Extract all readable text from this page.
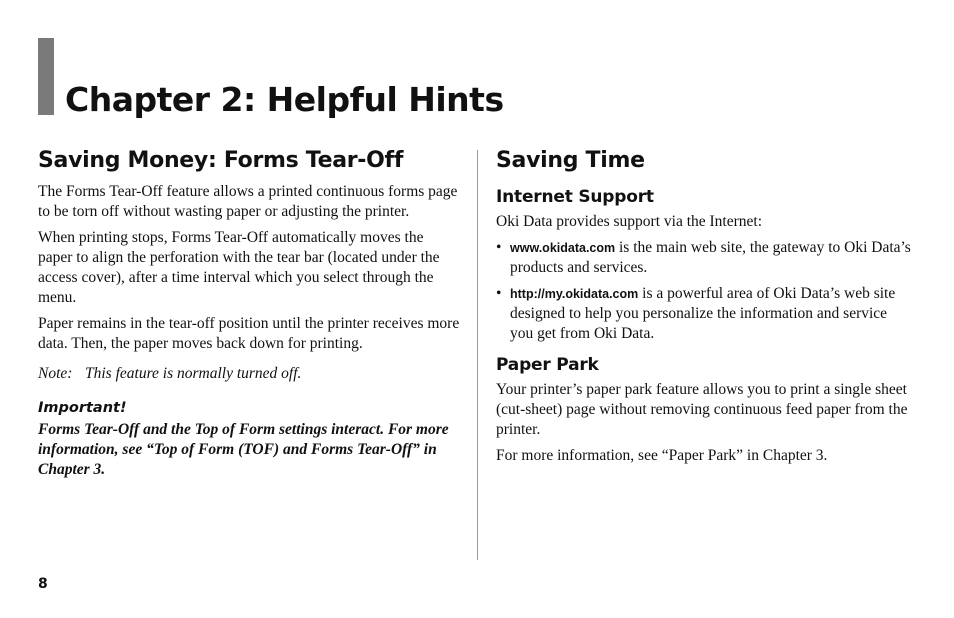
Chapter 2: Helpful Hints
Saving Money: Forms Tear-Off

The Forms Tear-Off feature allows a printed continuous forms page to be torn off without wasting paper or adjusting the printer.

When printing stops, Forms Tear-Off automatically moves the paper to align the perforation with the tear bar (located under the access cover), after a time interval which you select through the menu.

Paper remains in the tear-off position until the printer receives more data. Then, the paper moves back down for printing.

Note: This feature is normally turned off.

Important!

Forms Tear-Off and the Top of Form settings interact. For more information, see “Top of Form (TOF) and Forms Tear-Off” in Chapter 3.

Saving Time
Internet Support

Oki Data provides support via the Internet:

• www.okidata.com is the main web site, the gateway to Oki Data’s products and services.
• http://my.okidata.com is a powerful area of Oki Data’s web site designed to help you personalize the information and service you get from Oki Data.
Paper Park

Your printer’s paper park feature allows you to print a single sheet (cut-sheet) page without removing continuous feed paper from the printer.

For more information, see “Paper Park” in Chapter 3.

8
